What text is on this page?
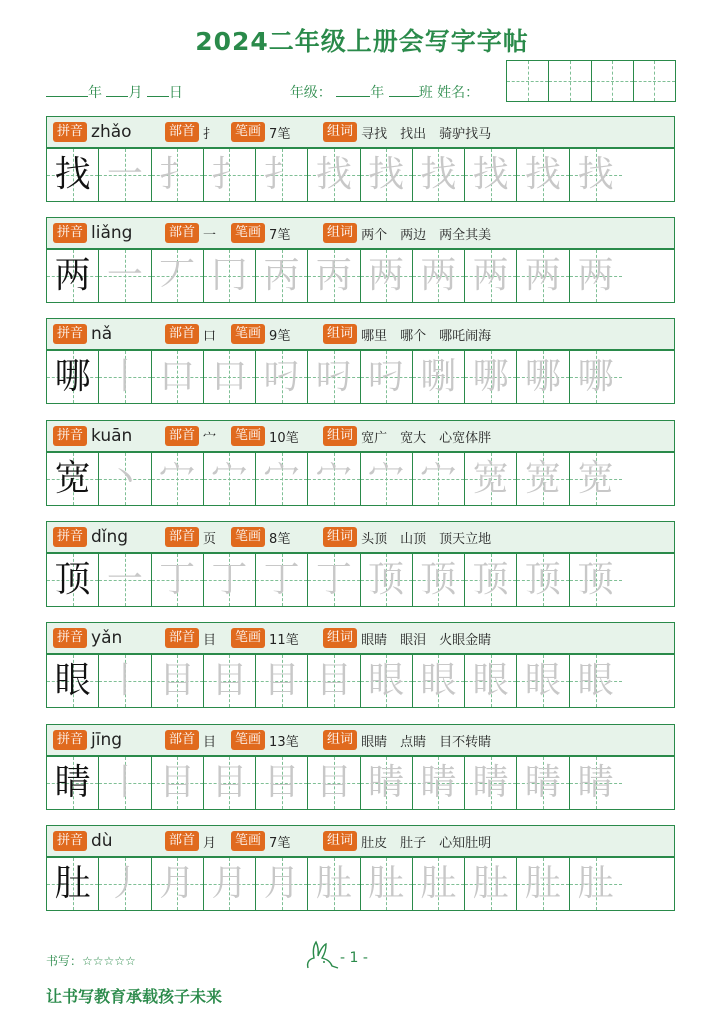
2024二年级上册会写字字帖
年 月 日	年级：	年 班 姓名：
拼音 zhǎo	部首 扌	笔画 7笔	组词 寻找　找出　骑驴找马
找 一 扌 扌 扌 找 找 找 找 找 找
拼音 liǎng	部首 一	笔画 7笔	组词 两个　两边　两全其美
两 一 丆 冂 丙 丙 两 两 两 两 两
拼音 nǎ	部首 口	笔画 9笔	组词 哪里　哪个　哪吒闹海
哪 丨 口 口 叼 叼 叼 哵 哪 哪 哪
拼音 kuān	部首 宀	笔画 10笔	组词 宽广　宽大　心宽体胖
宽 丶 宀 宀 宀 宀 宀 宀 宽 宽 宽
拼音 dǐng	部首 页	笔画 8笔	组词 头顶　山顶　顶天立地
顶 一 丁 丁 丁 丁 顶 顶 顶 顶 顶
拼音 yǎn	部首 目	笔画 11笔	组词 眼睛　眼泪　火眼金睛
眼 丨 目 目 目 目 眼 眼 眼 眼 眼
拼音 jīng	部首 目	笔画 13笔	组词 眼睛　点睛　目不转睛
睛 丨 目 目 目 目 睛 睛 睛 睛 睛
拼音 dù	部首 月	笔画 7笔	组词 肚皮　肚子　心知肚明
肚 丿 月 月 月 肚 肚 肚 肚 肚 肚
书写：☆☆☆☆☆	- 1 -
让书写教育承载孩子未来
